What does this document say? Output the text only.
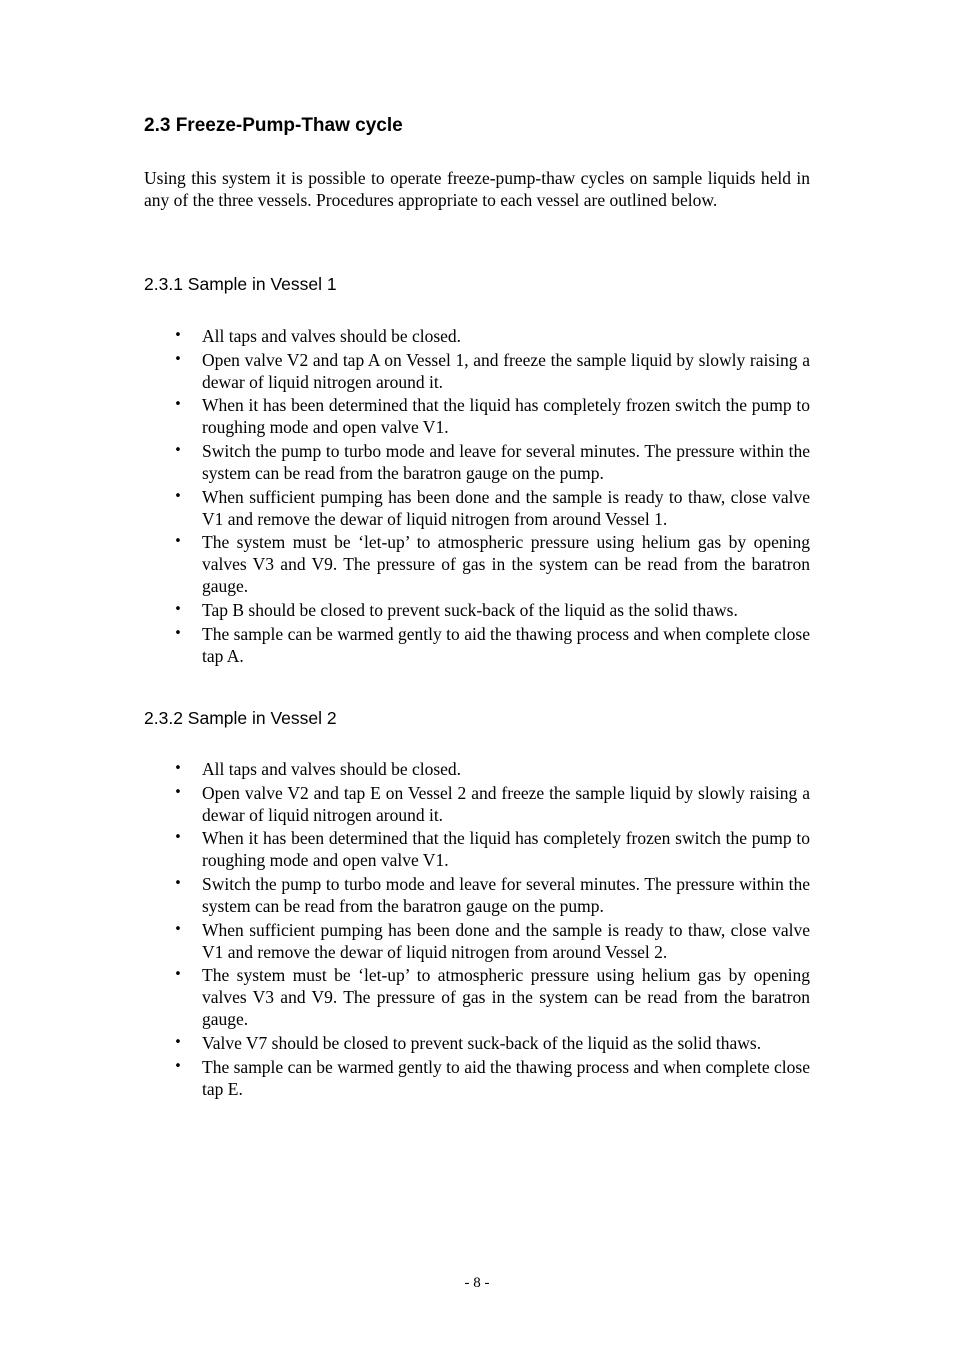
2.3 Freeze-Pump-Thaw cycle

Using this system it is possible to operate freeze-pump-thaw cycles on sample liquids held in any of the three vessels. Procedures appropriate to each vessel are outlined below.

2.3.1 Sample in Vessel 1
• All taps and valves should be closed.
• Open valve V2 and tap A on Vessel 1, and freeze the sample liquid by slowly raising a dewar of liquid nitrogen around it.
• When it has been determined that the liquid has completely frozen switch the pump to roughing mode and open valve V1.
• Switch the pump to turbo mode and leave for several minutes. The pressure within the system can be read from the baratron gauge on the pump.
• When sufficient pumping has been done and the sample is ready to thaw, close valve V1 and remove the dewar of liquid nitrogen from around Vessel 1.
• The system must be ‘let-up’ to atmospheric pressure using helium gas by opening valves V3 and V9. The pressure of gas in the system can be read from the baratron gauge.
• Tap B should be closed to prevent suck-back of the liquid as the solid thaws.
• The sample can be warmed gently to aid the thawing process and when complete close tap A.
2.3.2 Sample in Vessel 2
• All taps and valves should be closed.
• Open valve V2 and tap E on Vessel 2 and freeze the sample liquid by slowly raising a dewar of liquid nitrogen around it.
• When it has been determined that the liquid has completely frozen switch the pump to roughing mode and open valve V1.
• Switch the pump to turbo mode and leave for several minutes. The pressure within the system can be read from the baratron gauge on the pump.
• When sufficient pumping has been done and the sample is ready to thaw, close valve V1 and remove the dewar of liquid nitrogen from around Vessel 2.
• The system must be ‘let-up’ to atmospheric pressure using helium gas by opening valves V3 and V9. The pressure of gas in the system can be read from the baratron gauge.
• Valve V7 should be closed to prevent suck-back of the liquid as the solid thaws.
• The sample can be warmed gently to aid the thawing process and when complete close tap E.

- 8 -
